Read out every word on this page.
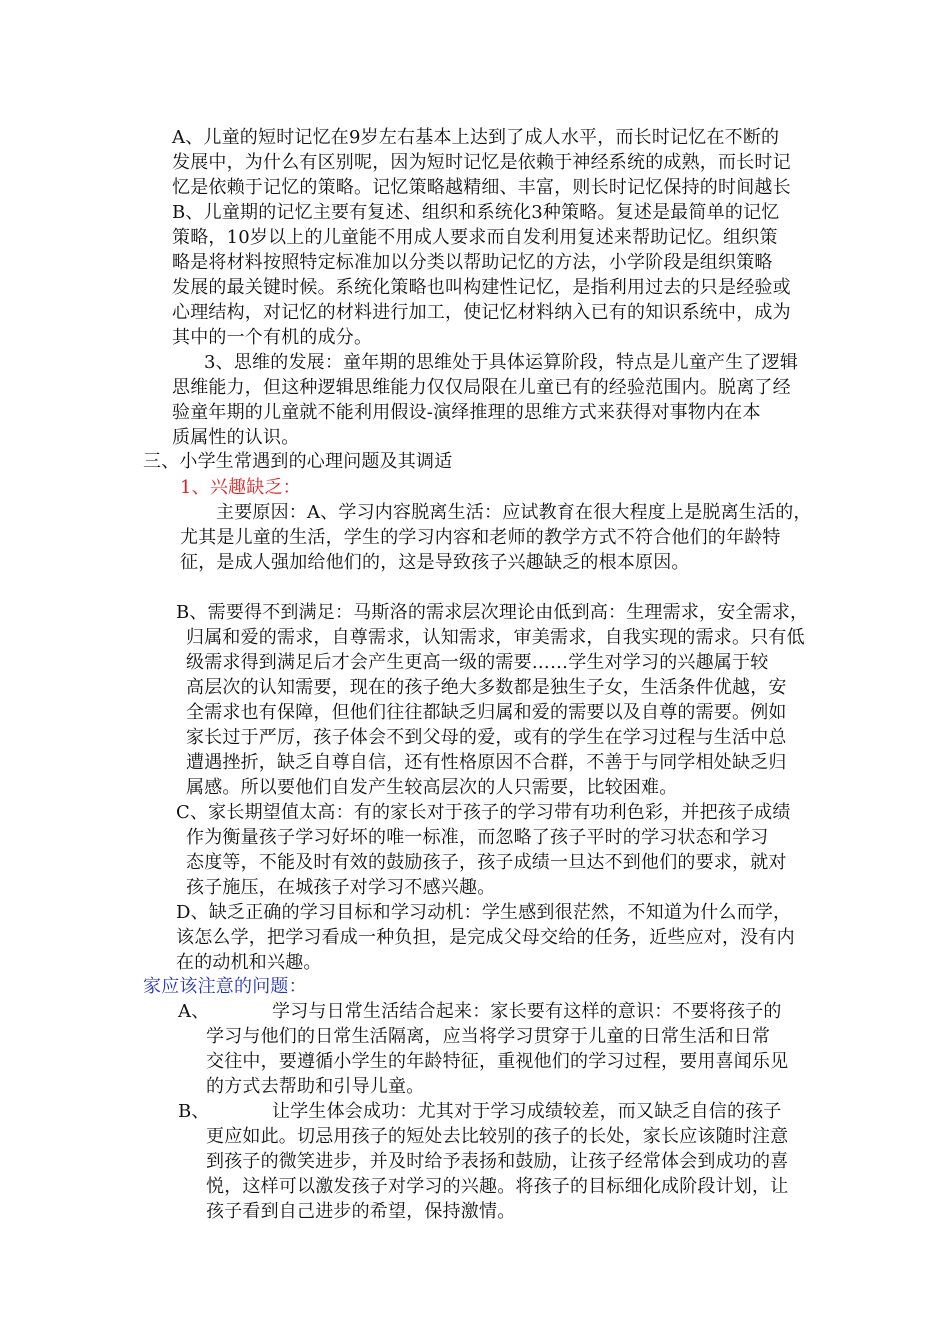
A、儿童的短时记忆在9岁左右基本上达到了成人水平，而长时记忆在不断的
发展中，为什么有区别呢，因为短时记忆是依赖于神经系统的成熟，而长时记
忆是依赖于记忆的策略。记忆策略越精细、丰富，则长时记忆保持的时间越长
B、儿童期的记忆主要有复述、组织和系统化3种策略。复述是最简单的记忆
策略，10岁以上的儿童能不用成人要求而自发利用复述来帮助记忆。组织策
略是将材料按照特定标准加以分类以帮助记忆的方法，小学阶段是组织策略
发展的最关键时候。系统化策略也叫构建性记忆，是指利用过去的只是经验或
心理结构，对记忆的材料进行加工，使记忆材料纳入已有的知识系统中，成为
其中的一个有机的成分。
3、思维的发展：童年期的思维处于具体运算阶段，特点是儿童产生了逻辑
思维能力，但这种逻辑思维能力仅仅局限在儿童已有的经验范围内。脱离了经
验童年期的儿童就不能利用假设-演绎推理的思维方式来获得对事物内在本
质属性的认识。
三、小学生常遇到的心理问题及其调适
1、兴趣缺乏：
主要原因：A、学习内容脱离生活：应试教育在很大程度上是脱离生活的，
尤其是儿童的生活，学生的学习内容和老师的教学方式不符合他们的年龄特
征，是成人强加给他们的，这是导致孩子兴趣缺乏的根本原因。
B、需要得不到满足：马斯洛的需求层次理论由低到高：生理需求，安全需求，
归属和爱的需求，自尊需求，认知需求，审美需求，自我实现的需求。只有低
级需求得到满足后才会产生更高一级的需要……学生对学习的兴趣属于较
高层次的认知需要，现在的孩子绝大多数都是独生子女，生活条件优越，安
全需求也有保障，但他们往往都缺乏归属和爱的需要以及自尊的需要。例如
家长过于严厉，孩子体会不到父母的爱，或有的学生在学习过程与生活中总
遭遇挫折，缺乏自尊自信，还有性格原因不合群，不善于与同学相处缺乏归
属感。所以要他们自发产生较高层次的人只需要，比较困难。
C、家长期望值太高：有的家长对于孩子的学习带有功利色彩，并把孩子成绩
作为衡量孩子学习好坏的唯一标准，而忽略了孩子平时的学习状态和学习
态度等，不能及时有效的鼓励孩子，孩子成绩一旦达不到他们的要求，就对
孩子施压，在城孩子对学习不感兴趣。
D、缺乏正确的学习目标和学习动机：学生感到很茫然，不知道为什么而学，
该怎么学，把学习看成一种负担，是完成父母交给的任务，近些应对，没有内
在的动机和兴趣。
家应该注意的问题：
A、	学习与日常生活结合起来：家长要有这样的意识：不要将孩子的
学习与他们的日常生活隔离，应当将学习贯穿于儿童的日常生活和日常
交往中，要遵循小学生的年龄特征，重视他们的学习过程，要用喜闻乐见
的方式去帮助和引导儿童。
B、	让学生体会成功：尤其对于学习成绩较差，而又缺乏自信的孩子
更应如此。切忌用孩子的短处去比较别的孩子的长处，家长应该随时注意
到孩子的微笑进步，并及时给予表扬和鼓励，让孩子经常体会到成功的喜
悦，这样可以激发孩子对学习的兴趣。将孩子的目标细化成阶段计划，让
孩子看到自己进步的希望，保持激情。
